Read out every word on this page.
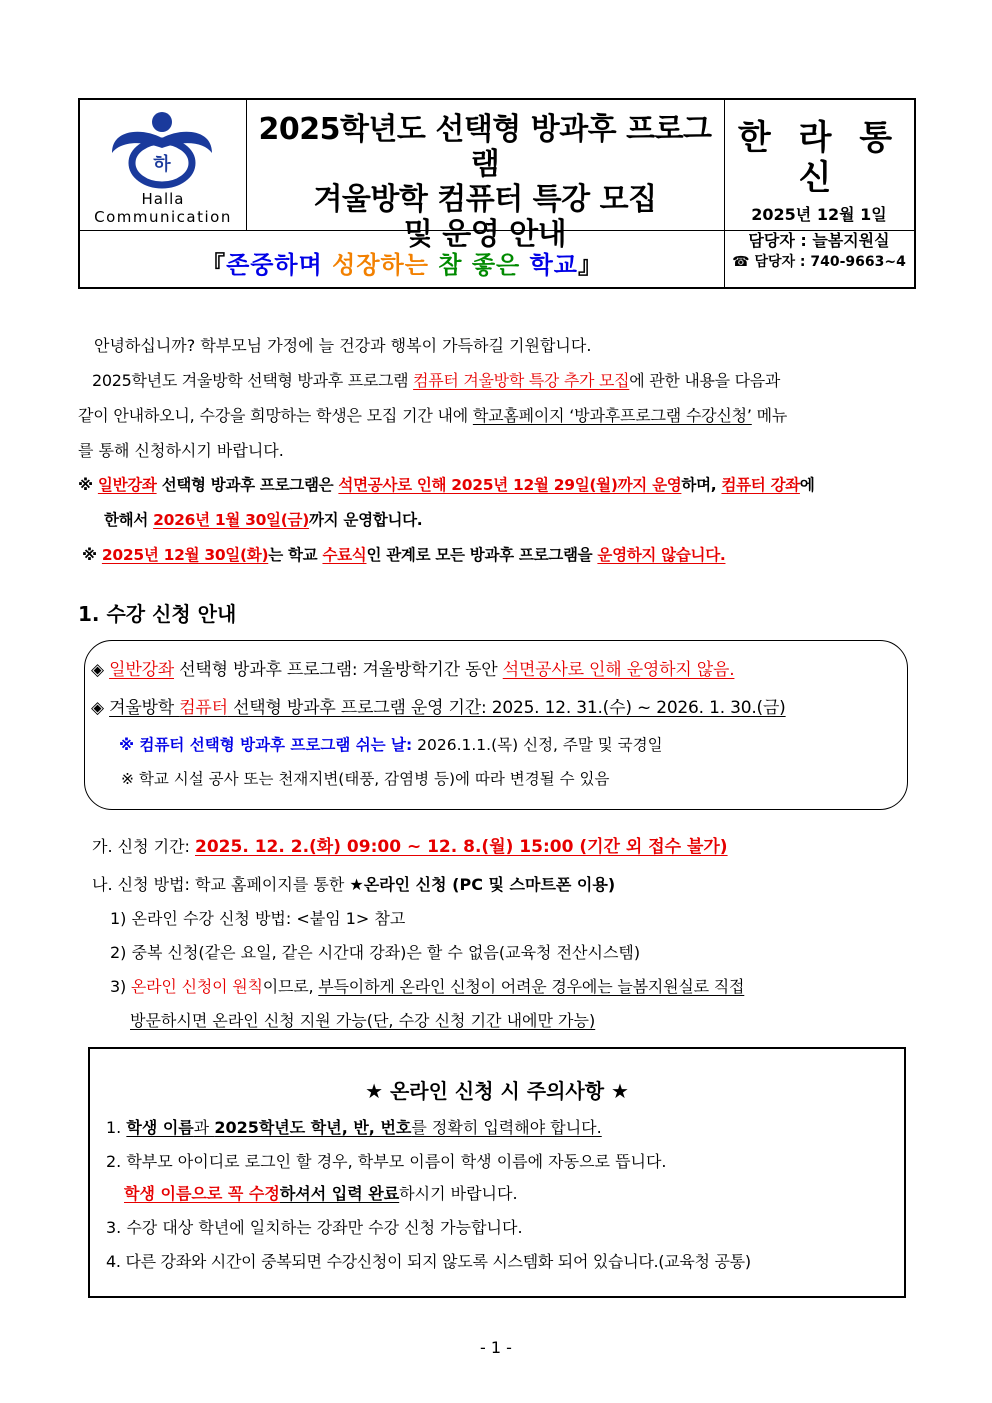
하
Halla
Communication
2025학년도 선택형 방과후 프로그램
겨울방학 컴퓨터 특강 모집
및 운영 안내
한 라 통 신
2025년 12월 1일
담당자 : 늘봄지원실
『존중하며 성장하는 참 좋은 학교』	☎ 담당자 : 740-9663~4

안녕하십니까? 학부모님 가정에 늘 건강과 행복이 가득하길 기원합니다.

2025학년도 겨울방학 선택형 방과후 프로그램 컴퓨터 겨울방학 특강 추가 모집에 관한 내용을 다음과

같이 안내하오니, 수강을 희망하는 학생은 모집 기간 내에 학교홈페이지 ‘방과후프로그램 수강신청’ 메뉴

를 통해 신청하시기 바랍니다.

※ 일반강좌 선택형 방과후 프로그램은 석면공사로 인해 2025년 12월 29일(월)까지 운영하며, 컴퓨터 강좌에

한해서 2026년 1월 30일(금)까지 운영합니다.

※ 2025년 12월 30일(화)는 학교 수료식인 관계로 모든 방과후 프로그램을 운영하지 않습니다.

1. 수강 신청 안내
◈ 일반강좌 선택형 방과후 프로그램: 겨울방학기간 동안 석면공사로 인해 운영하지 않음.
◈ 겨울방학 컴퓨터 선택형 방과후 프로그램 운영 기간: 2025. 12. 31.(수) ~ 2026. 1. 30.(금)
※ 컴퓨터 선택형 방과후 프로그램 쉬는 날: 2026.1.1.(목) 신정, 주말 및 국경일
※ 학교 시설 공사 또는 천재지변(태풍, 감염병 등)에 따라 변경될 수 있음
가. 신청 기간: 2025. 12. 2.(화) 09:00 ~ 12. 8.(월) 15:00 (기간 외 접수 불가)
나. 신청 방법: 학교 홈페이지를 통한 ★온라인 신청 (PC 및 스마트폰 이용)
1) 온라인 수강 신청 방법: <붙임 1> 참고
2) 중복 신청(같은 요일, 같은 시간대 강좌)은 할 수 없음(교육청 전산시스템)
3) 온라인 신청이 원칙이므로, 부득이하게 온라인 신청이 어려운 경우에는 늘봄지원실로 직접
방문하시면 온라인 신청 지원 가능(단, 수강 신청 기간 내에만 가능)
★ 온라인 신청 시 주의사항 ★
1. 학생 이름과 2025학년도 학년, 반, 번호를 정확히 입력해야 합니다.
2. 학부모 아이디로 로그인 할 경우, 학부모 이름이 학생 이름에 자동으로 뜹니다.
학생 이름으로 꼭 수정하셔서 입력 완료하시기 바랍니다.
3. 수강 대상 학년에 일치하는 강좌만 수강 신청 가능합니다.
4. 다른 강좌와 시간이 중복되면 수강신청이 되지 않도록 시스템화 되어 있습니다.(교육청 공통)
- 1 -
